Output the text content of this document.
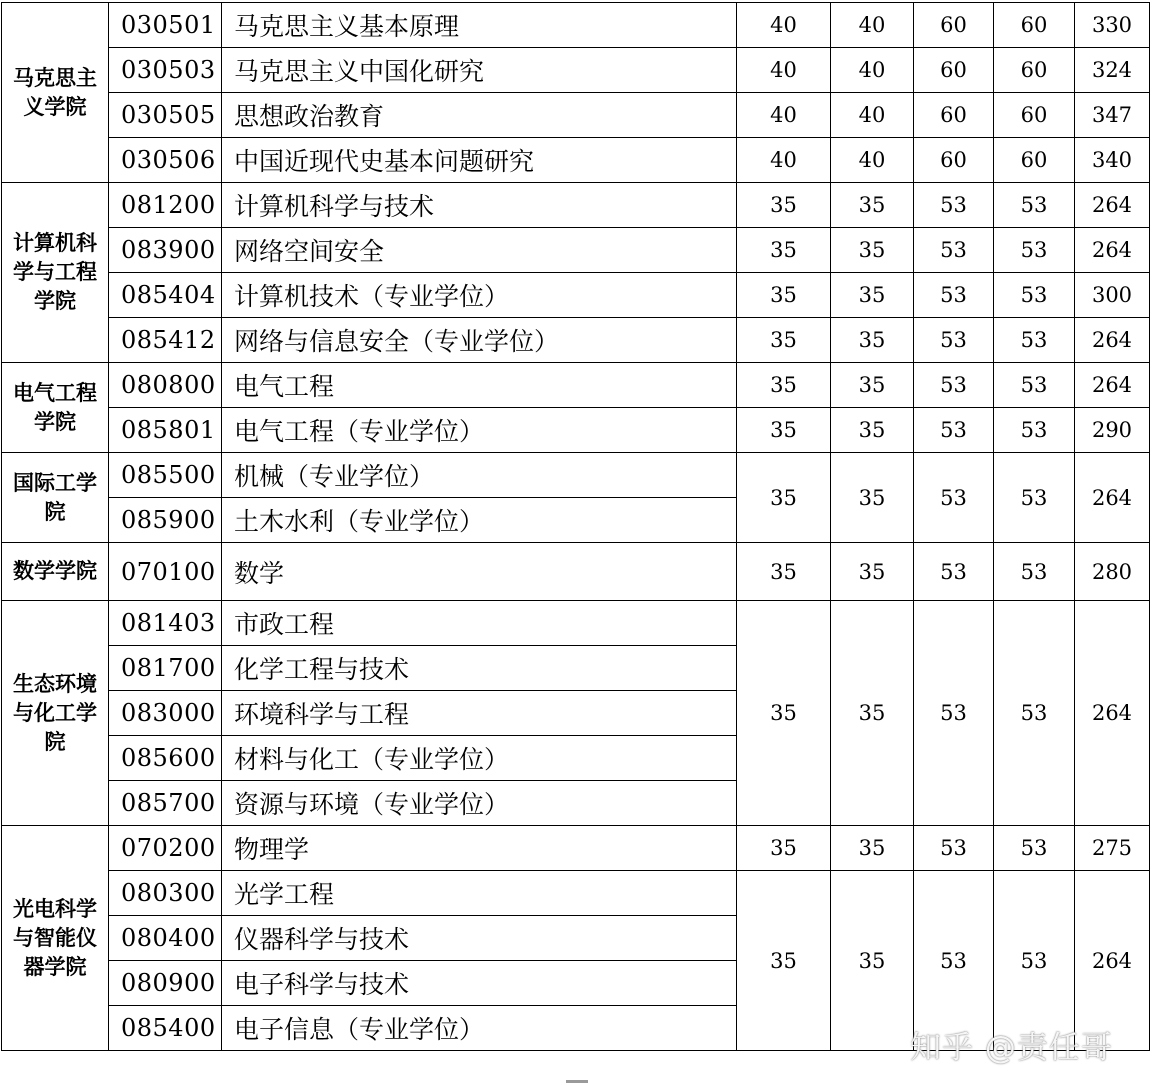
马克思主义学院	030501	马克思主义基本原理	40	40	60	60	330
	030503	马克思主义中国化研究	40	40	60	60	324
	030505	思想政治教育	40	40	60	60	347
	030506	中国近现代史基本问题研究	40	40	60	60	340
计算机科学与工程学院	081200	计算机科学与技术	35	35	53	53	264
	083900	网络空间安全	35	35	53	53	264
	085404	计算机技术（专业学位）	35	35	53	53	300
	085412	网络与信息安全（专业学位）	35	35	53	53	264
电气工程学院	080800	电气工程	35	35	53	53	264
	085801	电气工程（专业学位）	35	35	53	53	290
国际工学院	085500	机械（专业学位）	35	35	53	53	264
	085900	土木水利（专业学位）					
数学学院	070100	数学	35	35	53	53	280
生态环境与化工学院	081403	市政工程	35	35	53	53	264
	081700	化学工程与技术					
	083000	环境科学与工程					
	085600	材料与化工（专业学位）					
	085700	资源与环境（专业学位）					
光电科学与智能仪器学院	070200	物理学	35	35	53	53	275
	080300	光学工程	35	35	53	53	264
	080400	仪器科学与技术					
	080900	电子科学与技术					
	085400	电子信息（专业学位）					
知乎 @责任哥
